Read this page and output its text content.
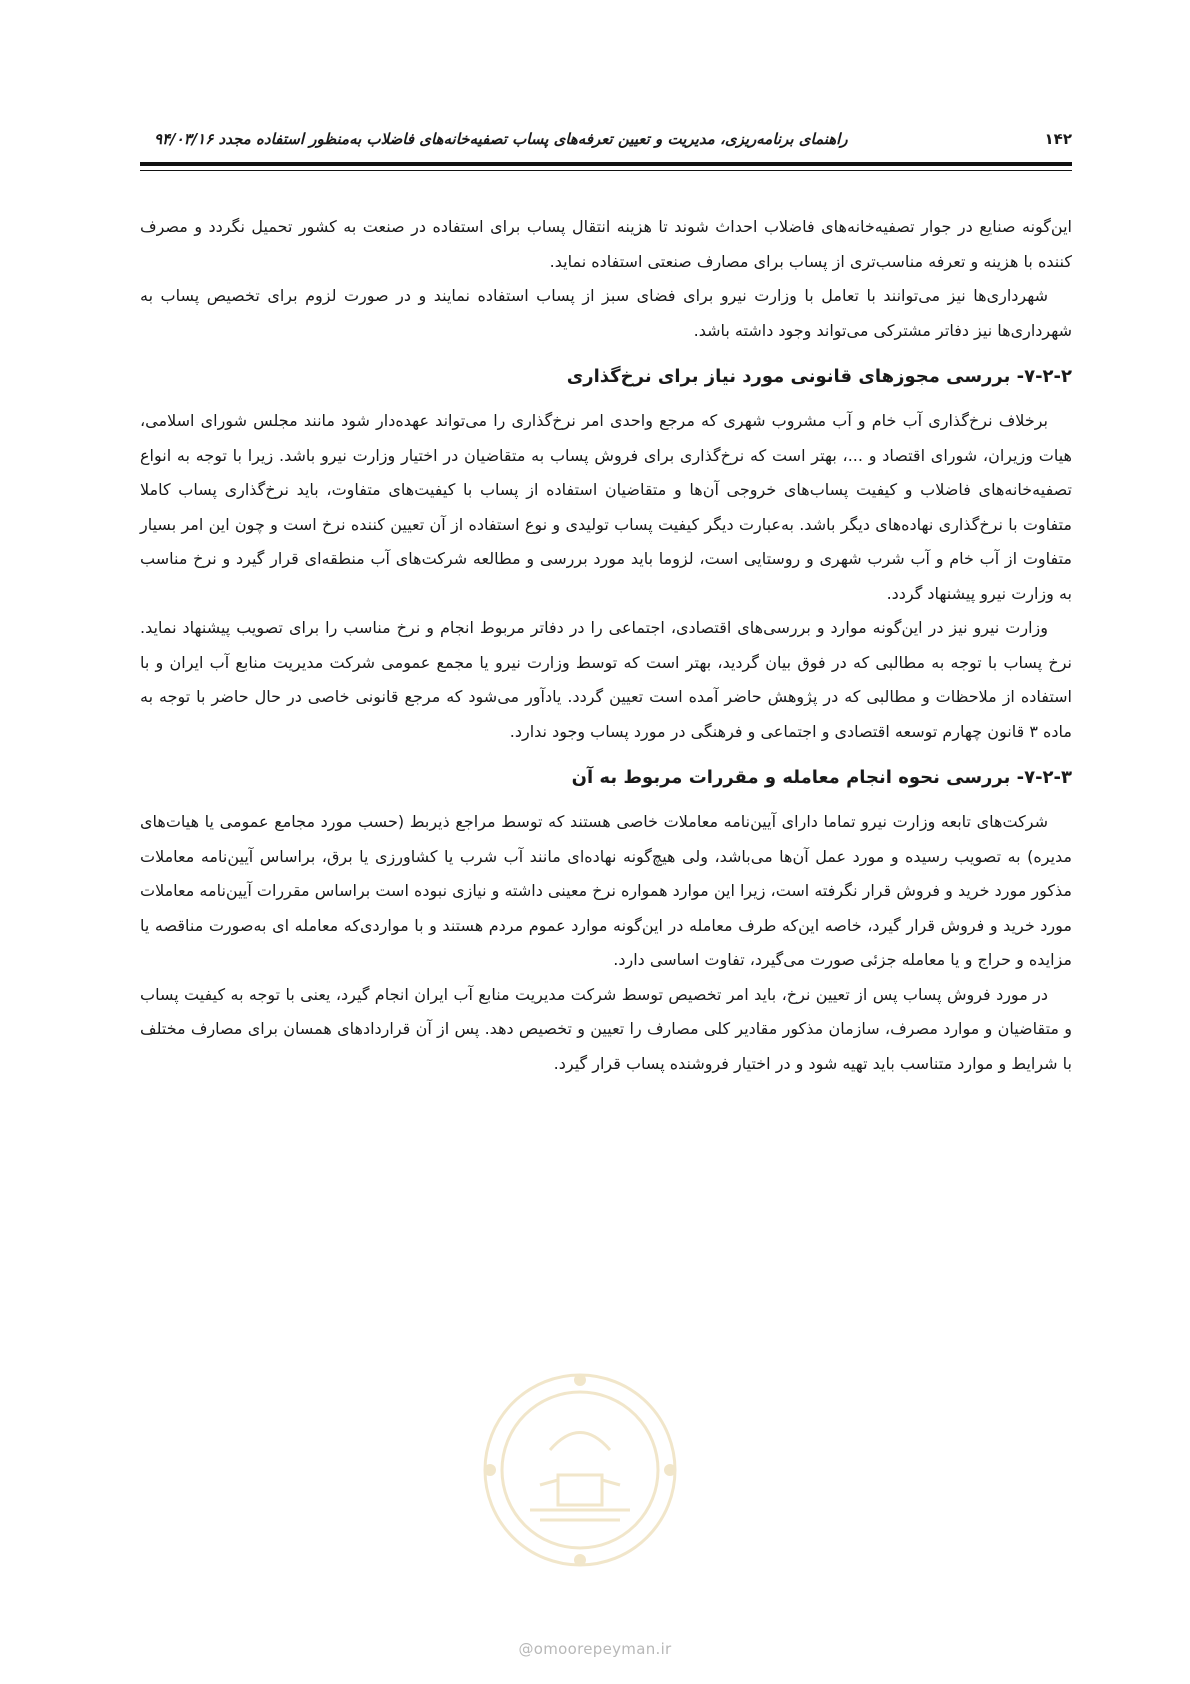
۱۴۲
راهنمای برنامه‌ریزی، مدیریت و تعیین تعرفه‌های پساب تصفیه‌خانه‌های فاضلاب به‌منظور استفاده مجدد ۹۴/۰۳/۱۶

این‌گونه صنایع در جوار تصفیه‌خانه‌های فاضلاب احداث شوند تا هزینه انتقال پساب برای استفاده در صنعت به کشور تحمیل نگردد و مصرف کننده با هزینه و تعرفه مناسب‌تری از پساب برای مصارف صنعتی استفاده نماید.

شهرداری‌ها نیز می‌توانند با تعامل با وزارت نیرو برای فضای سبز از پساب استفاده نمایند و در صورت لزوم برای تخصیص پساب به شهرداری‌ها نیز دفاتر مشترکی می‌تواند وجود داشته باشد.

۷-۲-۲- بررسی مجوزهای قانونی مورد نیاز برای نرخ‌گذاری

برخلاف نرخ‌گذاری آب خام و آب مشروب شهری که مرجع واحدی امر نرخ‌گذاری را می‌تواند عهده‌دار شود مانند مجلس شورای اسلامی، هیات وزیران، شورای اقتصاد و ...، بهتر است که نرخ‌گذاری برای فروش پساب به متقاضیان در اختیار وزارت نیرو باشد. زیرا با توجه به انواع تصفیه‌خانه‌های فاضلاب و کیفیت پساب‌های خروجی آن‌ها و متقاضیان استفاده از پساب با کیفیت‌های متفاوت، باید نرخ‌گذاری پساب کاملا متفاوت با نرخ‌گذاری نهاده‌های دیگر باشد. به‌عبارت دیگر کیفیت پساب تولیدی و نوع استفاده از آن تعیین کننده نرخ است و چون این امر بسیار متفاوت از آب خام و آب شرب شهری و روستایی است، لزوما باید مورد بررسی و مطالعه شرکت‌های آب منطقه‌ای قرار گیرد و نرخ مناسب به وزارت نیرو پیشنهاد گردد.

وزارت نیرو نیز در این‌گونه موارد و بررسی‌های اقتصادی، اجتماعی را در دفاتر مربوط انجام و نرخ مناسب را برای تصویب پیشنهاد نماید. نرخ پساب با توجه به مطالبی که در فوق بیان گردید، بهتر است که توسط وزارت نیرو یا مجمع عمومی شرکت مدیریت منابع آب ایران و با استفاده از ملاحظات و مطالبی که در پژوهش حاضر آمده است تعیین گردد. یادآور می‌شود که مرجع قانونی خاصی در حال حاضر با توجه به ماده ۳ قانون چهارم توسعه اقتصادی و اجتماعی و فرهنگی در مورد پساب وجود ندارد.

۷-۲-۳- بررسی نحوه انجام معامله و مقررات مربوط به آن

شرکت‌های تابعه وزارت نیرو تماما دارای آیین‌نامه معاملات خاصی هستند که توسط مراجع ذیربط (حسب مورد مجامع عمومی یا هیات‌های مدیره) به تصویب رسیده و مورد عمل آن‌ها می‌باشد، ولی هیچ‌گونه نهاده‌ای مانند آب شرب یا کشاورزی یا برق، براساس آیین‌نامه معاملات مذکور مورد خرید و فروش قرار نگرفته است، زیرا این موارد همواره نرخ معینی داشته و نیازی نبوده است براساس مقررات آیین‌نامه معاملات مورد خرید و فروش قرار گیرد، خاصه این‌که طرف معامله در این‌گونه موارد عموم مردم هستند و با مواردی‌که معامله ای به‌صورت مناقصه یا مزایده و حراج و یا معامله جزئی صورت می‌گیرد، تفاوت اساسی دارد.

در مورد فروش پساب پس از تعیین نرخ، باید امر تخصیص توسط شرکت مدیریت منابع آب ایران انجام گیرد، یعنی با توجه به کیفیت پساب و متقاضیان و موارد مصرف، سازمان مذکور مقادیر کلی مصارف را تعیین و تخصیص دهد. پس از آن قراردادهای همسان برای مصارف مختلف با شرایط و موارد متناسب باید تهیه شود و در اختیار فروشنده پساب قرار گیرد.

@omoorepeyman.ir
